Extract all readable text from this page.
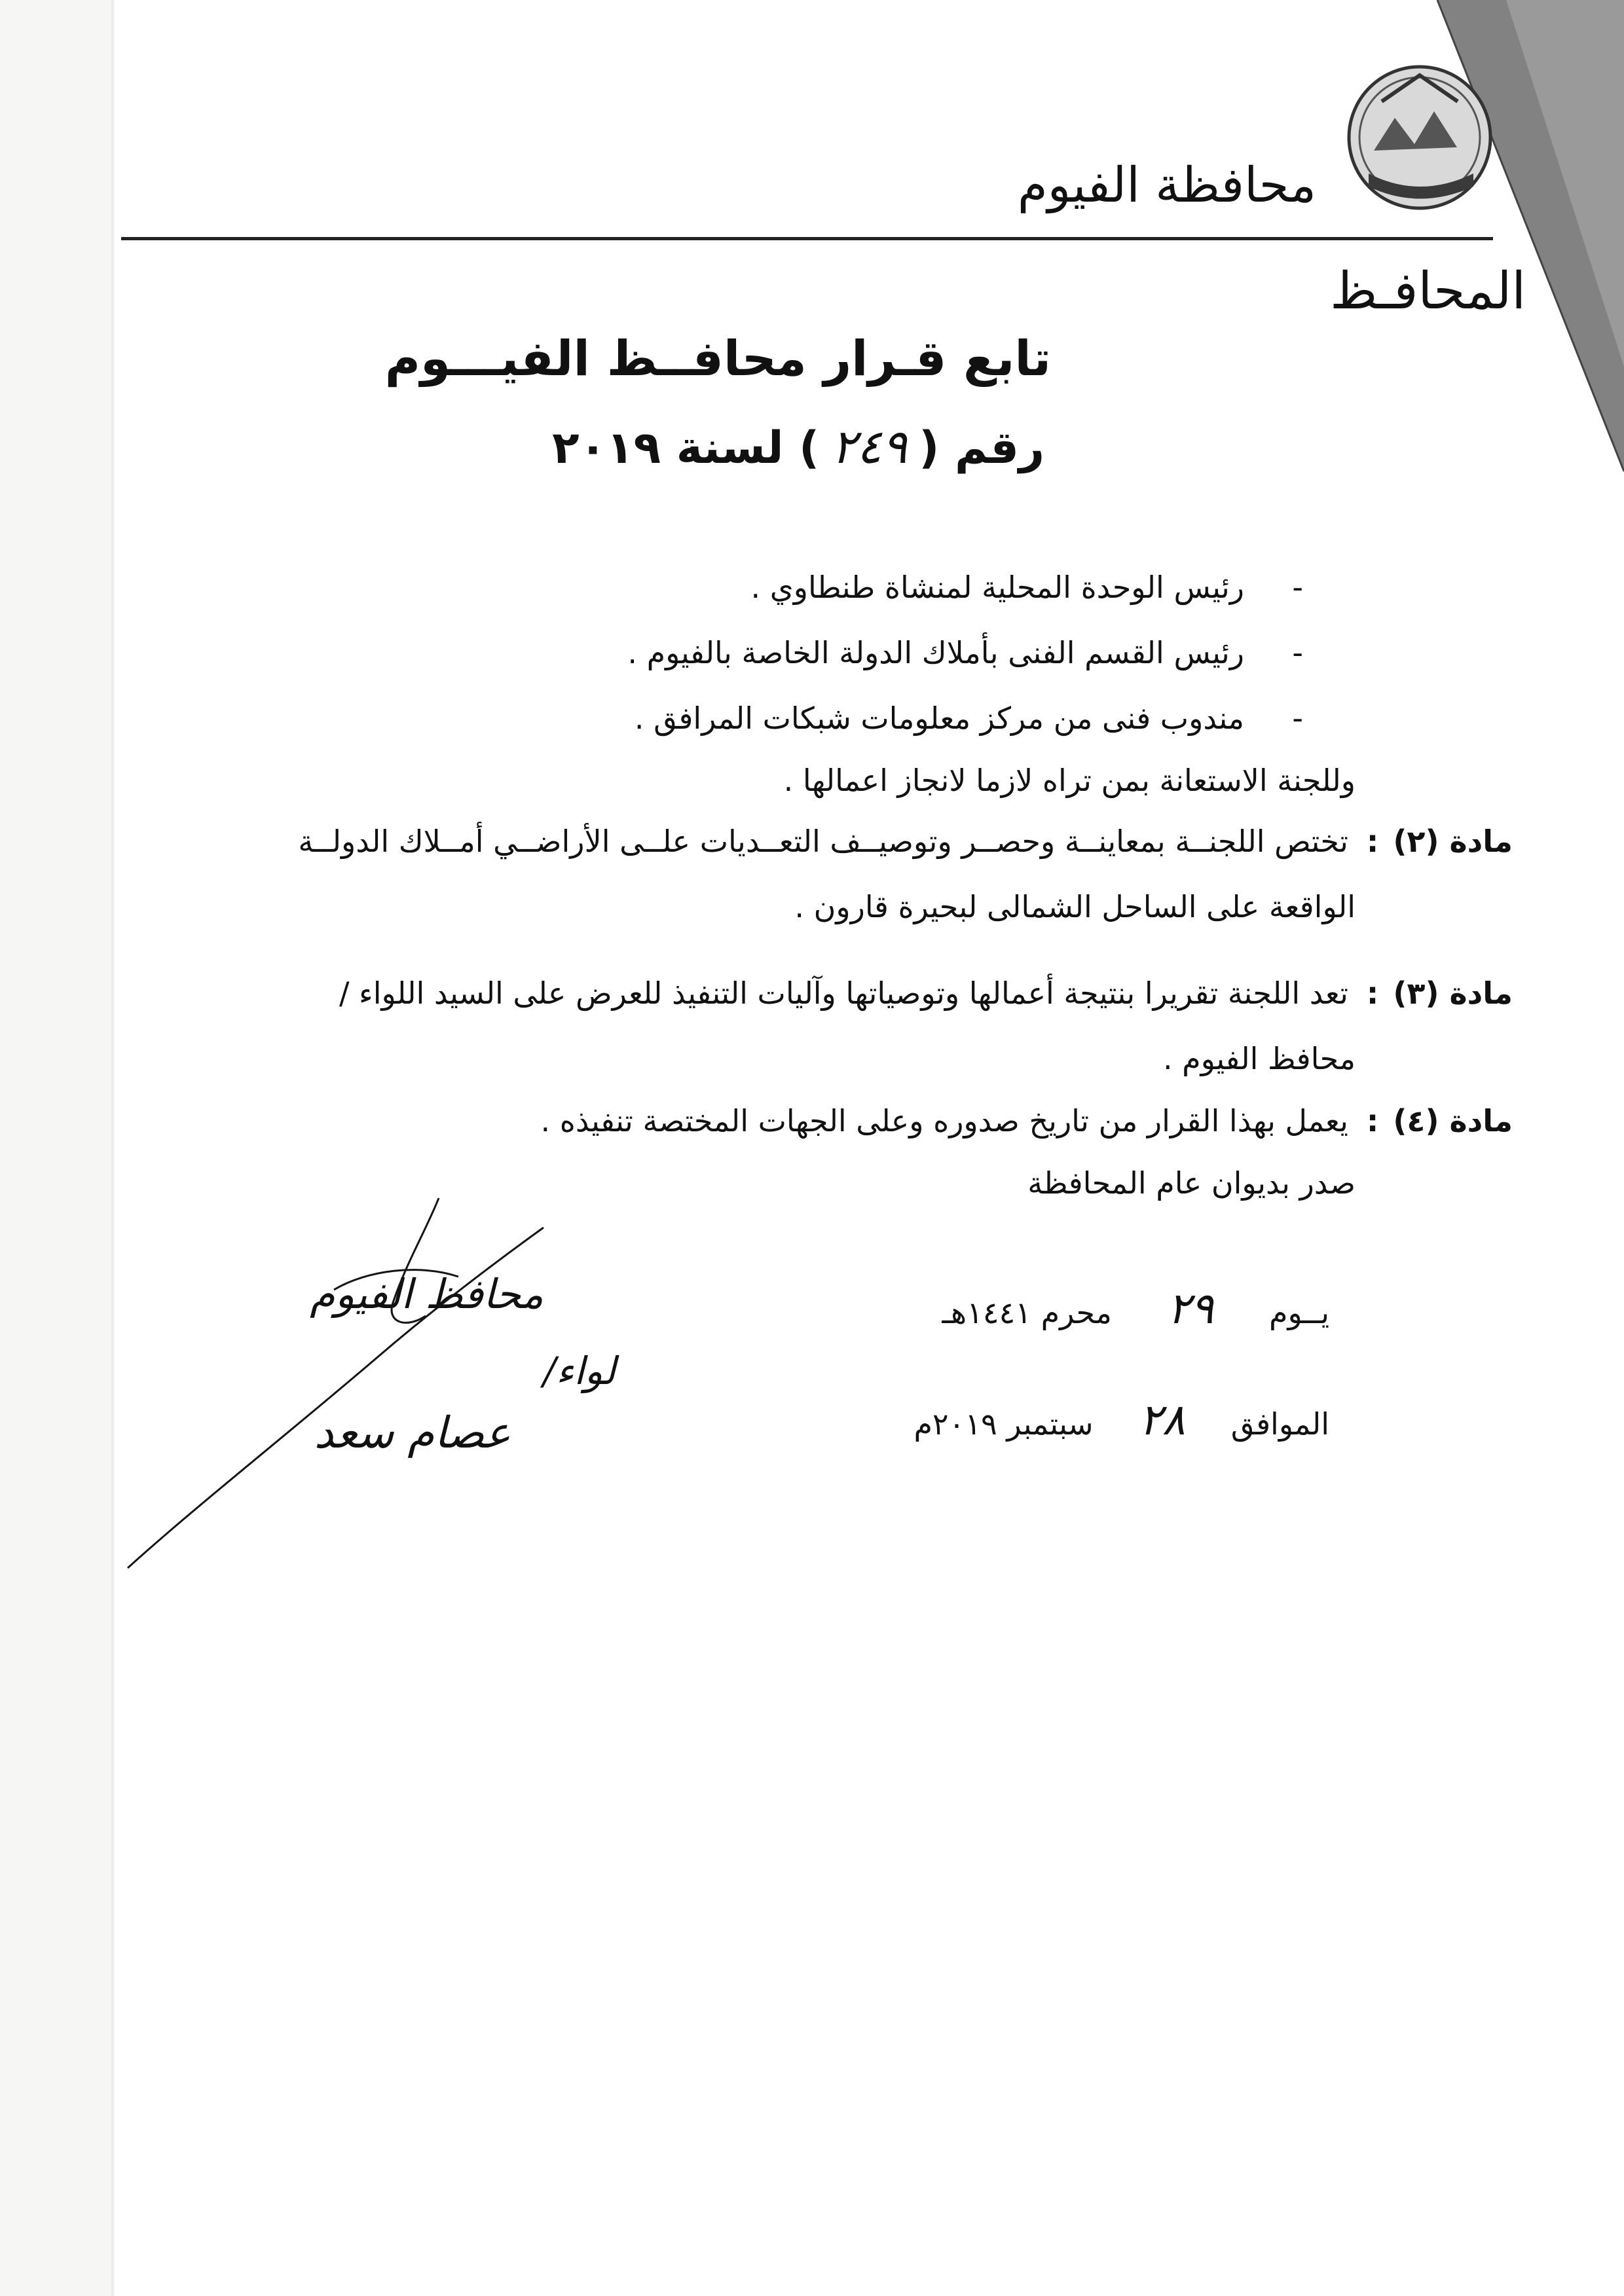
محافظة الفيوم
المحافـظ
تابع قـرار محافــظ الفيـــوم
رقم (٢٤٩) لسنة ٢٠١٩
-رئيس الوحدة المحلية لمنشاة طنطاوي .
-رئيس القسم الفنى بأملاك الدولة الخاصة بالفيوم .
-مندوب فنى من مركز معلومات شبكات المرافق .
وللجنة الاستعانة بمن تراه لازما لانجاز اعمالها .
مادة (٢):تختص اللجنــة بمعاينــة وحصــر وتوصيــف التعــديات علــى الأراضــي أمــلاك الدولــة
الواقعة على الساحل الشمالى لبحيرة قارون .
مادة (٣):تعد اللجنة تقريرا بنتيجة أعمالها وتوصياتها وآليات التنفيذ للعرض على السيد اللواء /
محافظ الفيوم .
مادة (٤):يعمل بهذا القرار من تاريخ صدوره وعلى الجهات المختصة تنفيذه .
صدر بديوان عام المحافظة
يــوم ٢٩ محرم ١٤٤١هـ
الموافق ٢٨ سبتمبر ٢٠١٩م
محافظ الفيوم
لواء/
عصام سعد
